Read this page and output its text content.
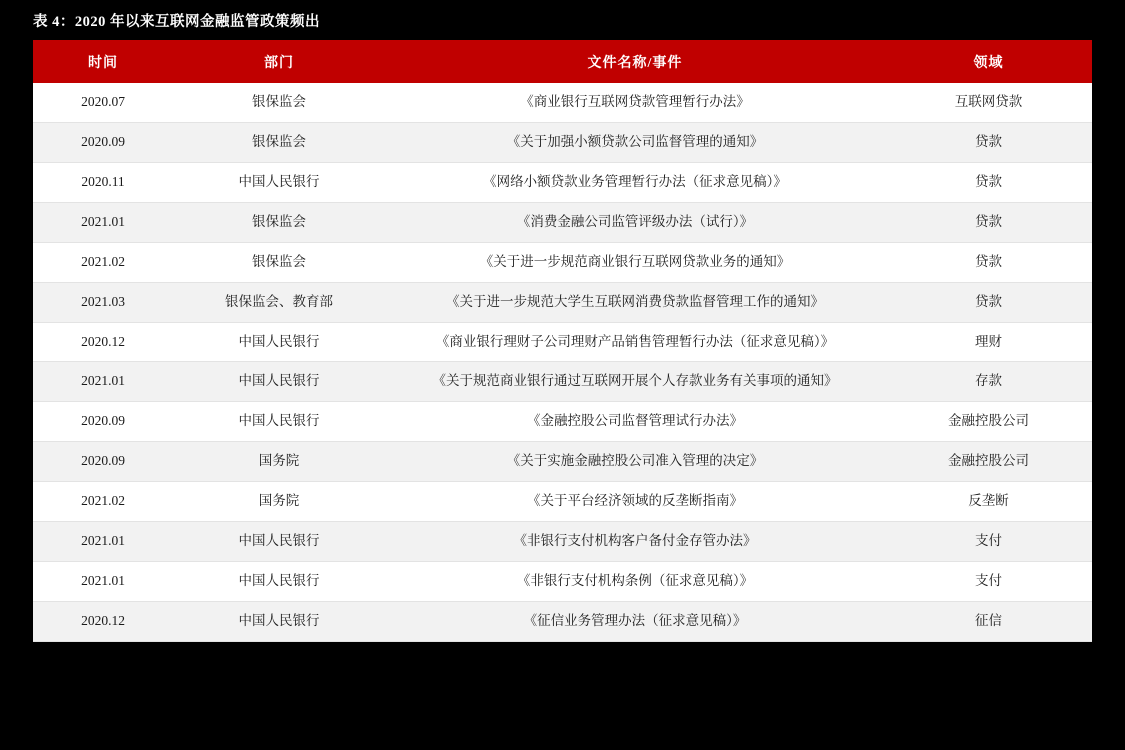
表 4：2020 年以来互联网金融监管政策频出
时间	部门	文件名称/事件	领域
2020.07	银保监会	《商业银行互联网贷款管理暂行办法》	互联网贷款
2020.09	银保监会	《关于加强小额贷款公司监督管理的通知》	贷款
2020.11	中国人民银行	《网络小额贷款业务管理暂行办法（征求意见稿）》	贷款
2021.01	银保监会	《消费金融公司监管评级办法（试行）》	贷款
2021.02	银保监会	《关于进一步规范商业银行互联网贷款业务的通知》	贷款
2021.03	银保监会、教育部	《关于进一步规范大学生互联网消费贷款监督管理工作的通知》	贷款
2020.12	中国人民银行	《商业银行理财子公司理财产品销售管理暂行办法（征求意见稿）》	理财
2021.01	中国人民银行	《关于规范商业银行通过互联网开展个人存款业务有关事项的通知》	存款
2020.09	中国人民银行	《金融控股公司监督管理试行办法》	金融控股公司
2020.09	国务院	《关于实施金融控股公司准入管理的决定》	金融控股公司
2021.02	国务院	《关于平台经济领域的反垄断指南》	反垄断
2021.01	中国人民银行	《非银行支付机构客户备付金存管办法》	支付
2021.01	中国人民银行	《非银行支付机构条例（征求意见稿）》	支付
2020.12	中国人民银行	《征信业务管理办法（征求意见稿）》	征信
